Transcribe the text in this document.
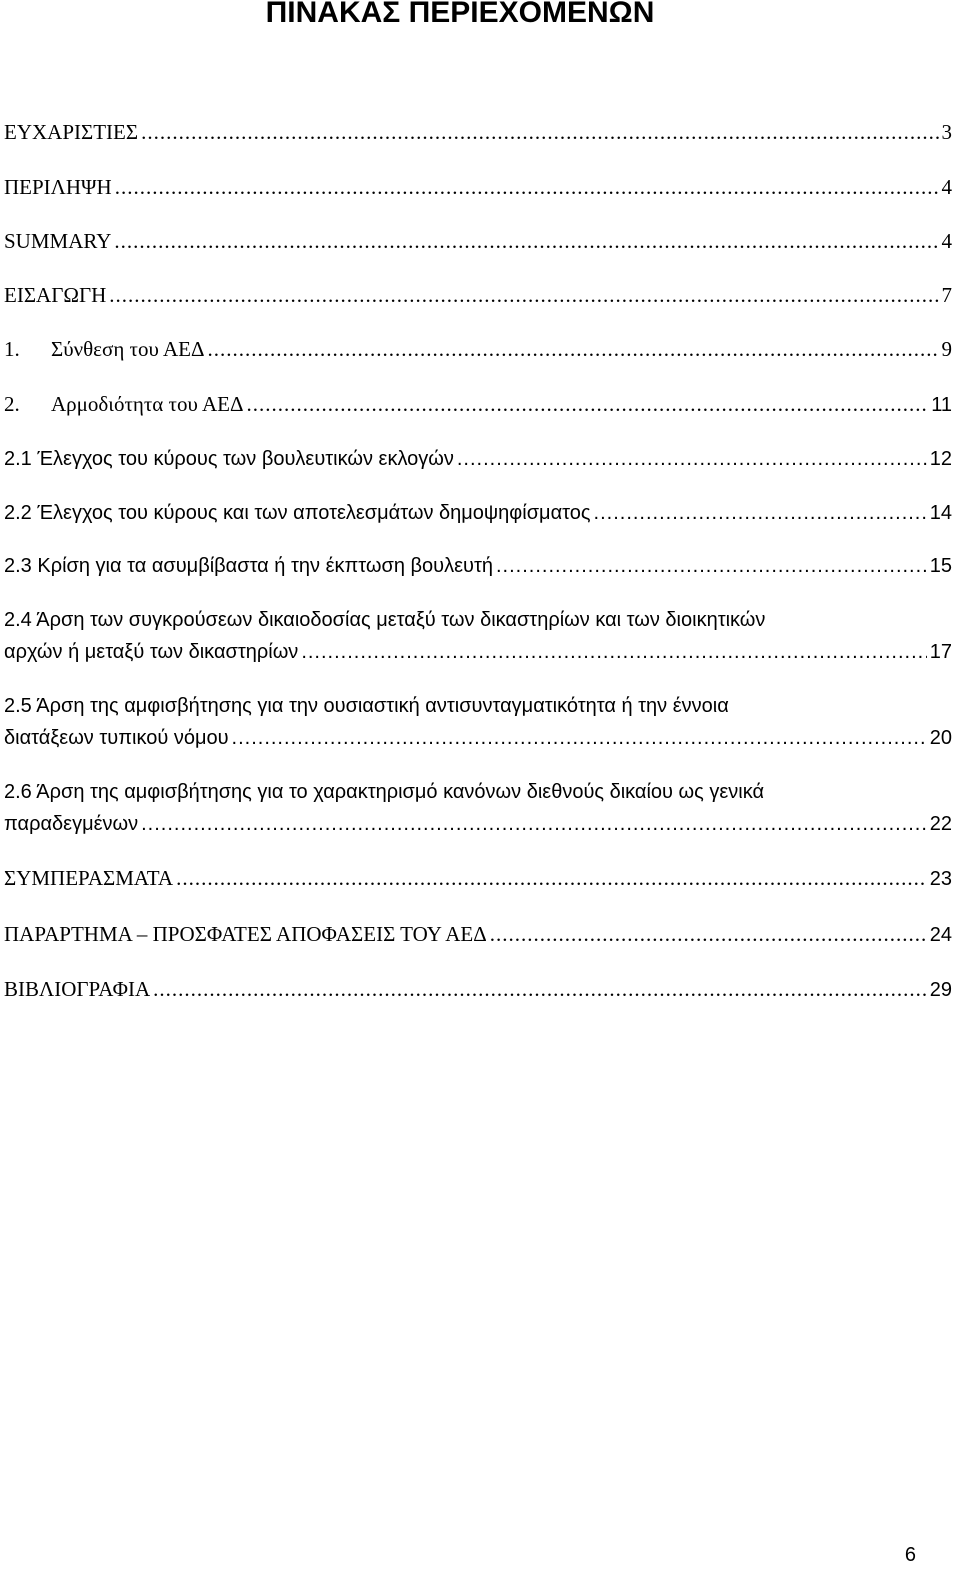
ΠΙΝΑΚΑΣ ΠΕΡΙΕΧΟΜΕΝΩΝ
ΕΥΧΑΡΙΣΤΙΕΣ .....	3
ΠΕΡΙΛΗΨΗ .....	4
SUMMARY .....	4
ΕΙΣΑΓΩΓΗ .....	7
1. Σύνθεση του ΑΕΔ .....	9
2. Αρμοδιότητα του ΑΕΔ .....	11
2.1 Έλεγχος του κύρους των βουλευτικών εκλογών .....	12
2.2 Έλεγχος του κύρους και των αποτελεσμάτων δημοψηφίσματος .....	14
2.3 Κρίση για τα ασυμβίβαστα ή την έκπτωση βουλευτή .....	15
2.4 Άρση των συγκρούσεων δικαιοδοσίας μεταξύ των δικαστηρίων και των διοικητικών
αρχών ή μεταξύ των δικαστηρίων .....	17
2.5 Άρση της αμφισβήτησης για την ουσιαστική αντισυνταγματικότητα ή την έννοια
διατάξεων τυπικού νόμου .....	20
2.6 Άρση της αμφισβήτησης για το χαρακτηρισμό κανόνων διεθνούς δικαίου ως γενικά
παραδεγμένων .....	22
ΣΥΜΠΕΡΑΣΜΑΤΑ .....	23
ΠΑΡΑΡΤΗΜΑ – ΠΡΟΣΦΑΤΕΣ ΑΠΟΦΑΣΕΙΣ ΤΟΥ ΑΕΔ .....	24
ΒΙΒΛΙΟΓΡΑΦΙΑ .....	29
6
